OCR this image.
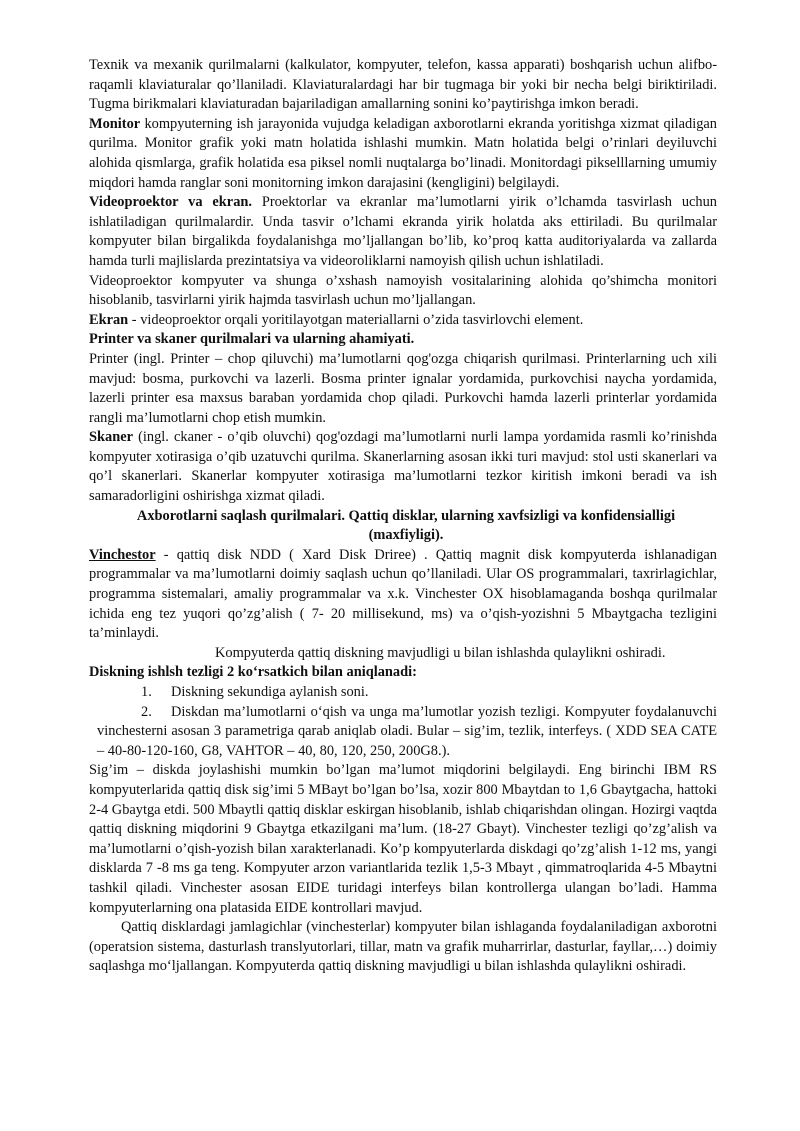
Texnik va mexanik qurilmalarni (kalkulator, kompyuter, telefon, kassa apparati) boshqarish uchun alifbo-raqamli klaviaturalar qo’llaniladi. Klaviaturalardagi har bir tugmaga bir yoki bir necha belgi biriktiriladi. Tugma birikmalari klaviaturadan bajariladigan amallarning sonini ko’paytirishga imkon beradi.

Monitor kompyuterning ish jarayonida vujudga keladigan axborotlarni ekranda yoritishga xizmat qiladigan qurilma. Monitor grafik yoki matn holatida ishlashi mumkin. Matn holatida belgi o’rinlari deyiluvchi alohida qismlarga, grafik holatida esa piksel nomli nuqtalarga bo’linadi. Monitordagi pikselllarning umumiy miqdori hamda ranglar soni monitorning imkon darajasini (kengligini) belgilaydi.

Videoproektor va ekran. Proektorlar va ekranlar ma’lumotlarni yirik o’lchamda tasvirlash uchun ishlatiladigan qurilmalardir. Unda tasvir o’lchami ekranda yirik holatda aks ettiriladi. Bu qurilmalar kompyuter bilan birgalikda foydalanishga mo’ljallangan bo’lib, ko’proq katta auditoriyalarda va zallarda hamda turli majlislarda prezintatsiya va videoroliklarni namoyish qilish uchun ishlatiladi.

Videoproektor kompyuter va shunga o’xshash namoyish vositalarining alohida qo’shimcha monitori hisoblanib, tasvirlarni yirik hajmda tasvirlash uchun mo’ljallangan.

Ekran - videoproektor orqali yoritilayotgan materiallarni o’zida tasvirlovchi element.

Printer va skaner qurilmalari va ularning ahamiyati.

Printer (ingl. Printer – chop qiluvchi) ma’lumotlarni qog'ozga chiqarish qurilmasi. Printerlarning uch xili mavjud: bosma, purkovchi va lazerli. Bosma printer ignalar yordamida, purkovchisi naycha yordamida, lazerli printer esa maxsus baraban yordamida chop qiladi. Purkovchi hamda lazerli printerlar yordamida rangli ma’lumotlarni chop etish mumkin.

Skaner (ingl. ckaner - o’qib oluvchi) qog'ozdagi ma’lumotlarni nurli lampa yordamida rasmli ko’rinishda kompyuter xotirasiga o’qib uzatuvchi qurilma. Skanerlarning asosan ikki turi mavjud: stol usti skanerlari va qo’l skanerlari. Skanerlar kompyuter xotirasiga ma’lumotlarni tezkor kiritish imkoni beradi va ish samaradorligini oshirishga xizmat qiladi.

Axborotlarni saqlash qurilmalari. Qattiq disklar, ularning xavfsizligi va konfidensialligi (maxfiyligi).

Vinchestor - qattiq disk NDD ( Xard Disk Driree) . Qattiq magnit disk kompyuterda ishlanadigan programmalar va ma’lumotlarni doimiy saqlash uchun qo’llaniladi. Ular OS programmalari, taxrirlagichlar, programma sistemalari, amaliy programmalar va x.k. Vinchester OX hisoblamaganda boshqa qurilmalar ichida eng tez yuqori qo’zg’alish ( 7- 20 millisekund, ms) va o’qish-yozishni 5 Mbaytgacha tezligini ta’minlaydi.

Kompyuterda qattiq diskning mavjudligi u bilan ishlashda qulaylikni oshiradi.

Diskning ishlsh tezligi 2 ko‘rsatkich bilan aniqlanadi:

1. Diskning sekundiga aylanish soni.

2. Diskdan ma’lumotlarni o‘qish va unga ma’lumotlar yozish tezligi. Kompyuter foydalanuvchi vinchesterni asosan 3 parametriga qarab aniqlab oladi. Bular – sig’im, tezlik, interfeys. ( XDD SEA CATE – 40-80-120-160, G8, VAHTOR – 40, 80, 120, 250, 200G8.).

Sig’im – diskda joylashishi mumkin bo’lgan ma’lumot miqdorini belgilaydi. Eng birinchi IBM RS kompyuterlarida qattiq disk sig’imi 5 MBayt bo’lgan bo’lsa, xozir 800 Mbaytdan to 1,6 Gbaytgacha, hattoki 2-4 Gbaytga etdi. 500 Mbaytli qattiq disklar eskirgan hisoblanib, ishlab chiqarishdan olingan. Hozirgi vaqtda qattiq diskning miqdorini 9 Gbaytga etkazilgani ma’lum. (18-27 Gbayt). Vinchester tezligi qo’zg’alish va ma’lumotlarni o’qish-yozish bilan xarakterlanadi. Ko’p kompyuterlarda diskdagi qo’zg’alish 1-12 ms, yangi disklarda 7 -8 ms ga teng. Kompyuter arzon variantlarida tezlik 1,5-3 Mbayt , qimmatroqlarida 4-5 Mbaytni tashkil qiladi. Vinchester asosan EIDE turidagi interfeys bilan kontrollerga ulangan bo’ladi. Hamma kompyuterlarning ona platasida EIDE kontrollari mavjud.

Qattiq disklardagi jamlagichlar (vinchesterlar) kompyuter bilan ishlaganda foydalaniladigan axborotni (operatsion sistema, dasturlash translyutorlari, tillar, matn va grafik muharrirlar, dasturlar, fayllar,…) doimiy saqlashga mo‘ljallangan. Kompyuterda qattiq diskning mavjudligi u bilan ishlashda qulaylikni oshiradi.
